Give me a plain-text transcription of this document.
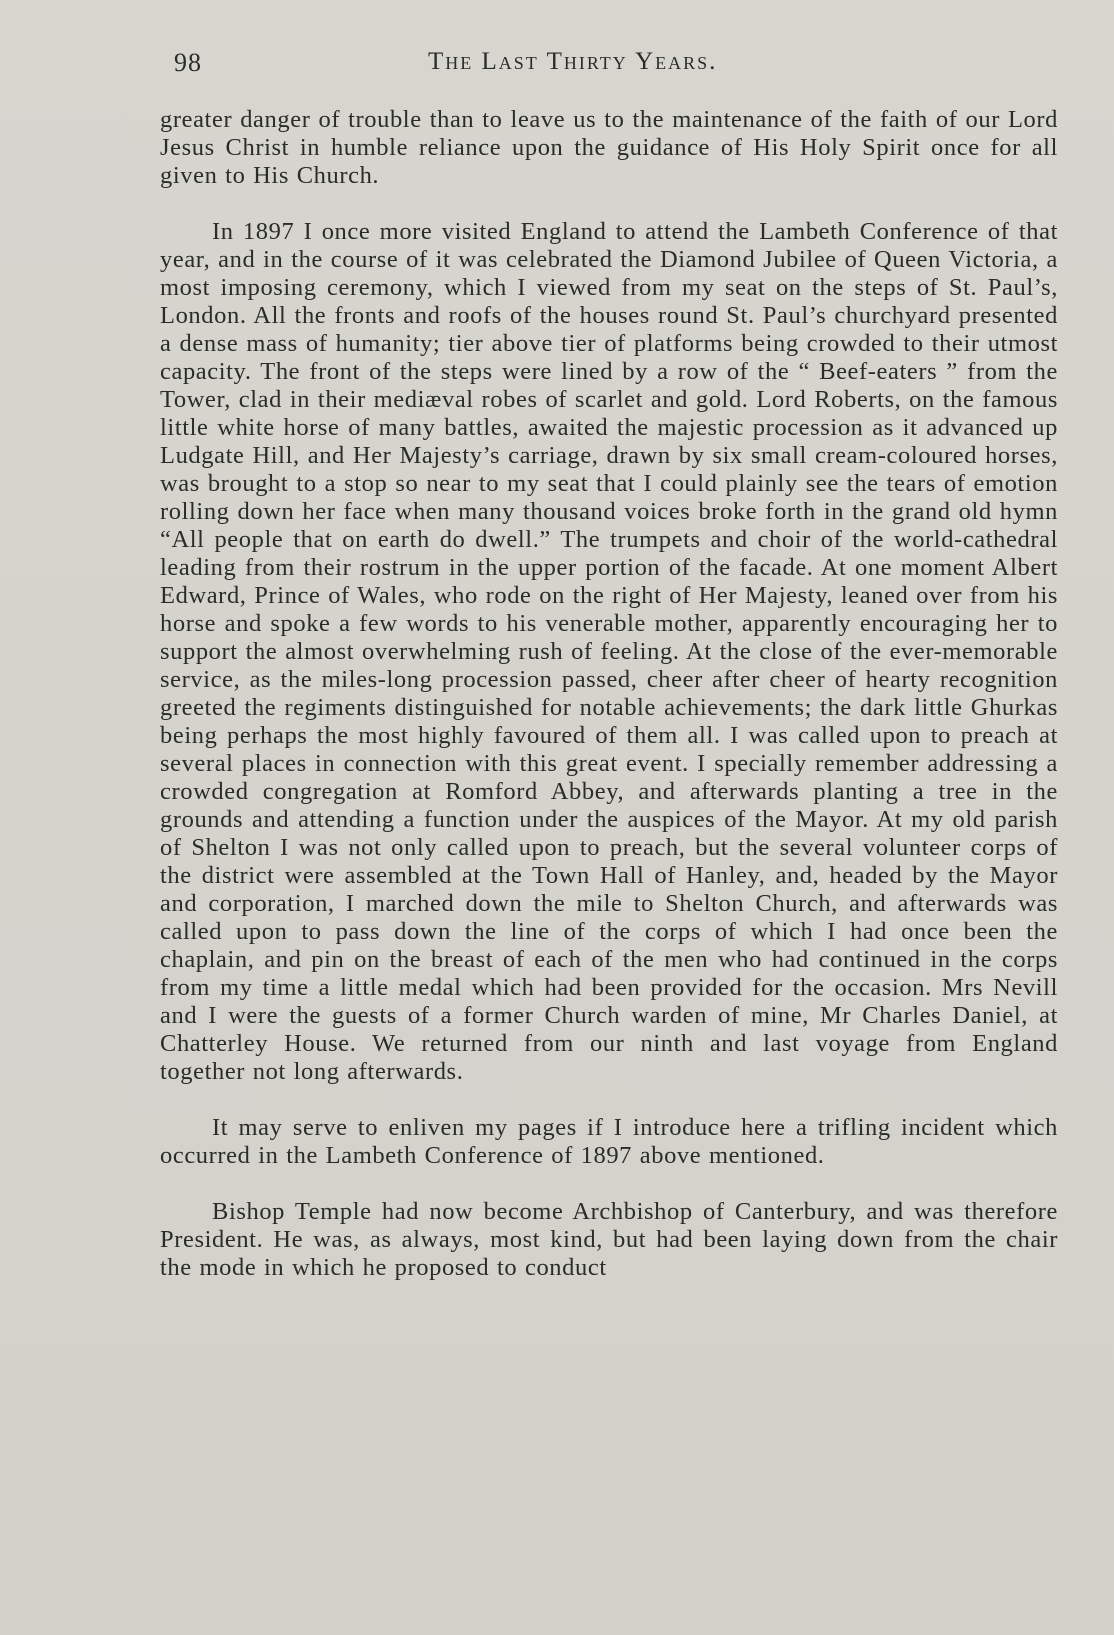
98	The Last Thirty Years.

greater danger of trouble than to leave us to the maintenance of the faith of our Lord Jesus Christ in humble reliance upon the guidance of His Holy Spirit once for all given to His Church.

In 1897 I once more visited England to attend the Lambeth Conference of that year, and in the course of it was celebrated the Diamond Jubilee of Queen Victoria, a most imposing ceremony, which I viewed from my seat on the steps of St. Paul’s, London. All the fronts and roofs of the houses round St. Paul’s churchyard presented a dense mass of humanity; tier above tier of platforms being crowded to their utmost capacity. The front of the steps were lined by a row of the “ Beef-eaters ” from the Tower, clad in their mediæval robes of scarlet and gold. Lord Roberts, on the famous little white horse of many battles, awaited the majestic procession as it advanced up Ludgate Hill, and Her Majesty’s carriage, drawn by six small cream-coloured horses, was brought to a stop so near to my seat that I could plainly see the tears of emotion rolling down her face when many thousand voices broke forth in the grand old hymn “All people that on earth do dwell.” The trumpets and choir of the world-cathedral leading from their rostrum in the upper portion of the facade. At one moment Albert Edward, Prince of Wales, who rode on the right of Her Majesty, leaned over from his horse and spoke a few words to his venerable mother, apparently encouraging her to support the almost overwhelming rush of feeling. At the close of the ever-memorable service, as the miles-long procession passed, cheer after cheer of hearty recognition greeted the regiments distinguished for notable achievements; the dark little Ghurkas being perhaps the most highly favoured of them all. I was called upon to preach at several places in connection with this great event. I specially remember addressing a crowded congregation at Romford Abbey, and afterwards planting a tree in the grounds and attending a function under the auspices of the Mayor. At my old parish of Shelton I was not only called upon to preach, but the several volunteer corps of the district were assembled at the Town Hall of Hanley, and, headed by the Mayor and corporation, I marched down the mile to Shelton Church, and afterwards was called upon to pass down the line of the corps of which I had once been the chaplain, and pin on the breast of each of the men who had continued in the corps from my time a little medal which had been provided for the occasion. Mrs Nevill and I were the guests of a former Church warden of mine, Mr Charles Daniel, at Chatterley House. We returned from our ninth and last voyage from England together not long afterwards.

It may serve to enliven my pages if I introduce here a trifling incident which occurred in the Lambeth Conference of 1897 above mentioned.

Bishop Temple had now become Archbishop of Canterbury, and was therefore President. He was, as always, most kind, but had been laying down from the chair the mode in which he proposed to conduct
